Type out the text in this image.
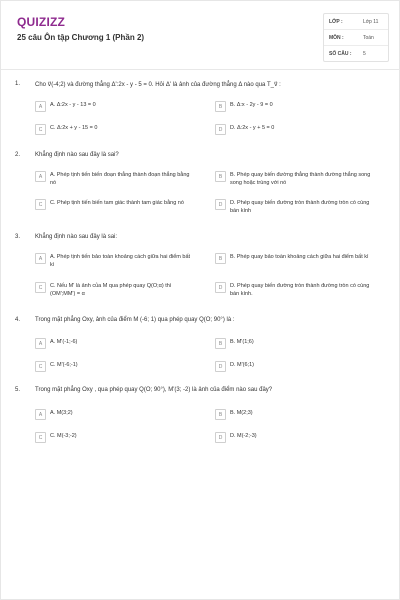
QUIZIZZ
25 câu Ôn tập Chương 1 (Phần 2)
LỚP :	Lớp 11
MÔN :	Toán
SỐ CÂU :	5
1. Cho v⃗(-4;2) và đường thẳng Δ':2x - y - 5 = 0. Hỏi Δ' là ảnh của đường thẳng Δ nào qua T_v⃗ :
A	A. Δ:2x - y - 13 = 0	B	B. Δ:x - 2y - 9 = 0
C	C. Δ:2x + y - 15 = 0	D	D. Δ:2x - y + 5 = 0
2. Khẳng định nào sau đây là sai?
A	A. Phép tịnh tiến biến đoạn thẳng thành đoạn thẳng bằng nó
B	B. Phép quay biến đường thẳng thành đường thẳng song song hoặc trùng với nó
C	C. Phép tịnh tiến biến tam giác thành tam giác bằng nó	D	D. Phép quay biến đường tròn thành đường tròn có cùng bán kính
3. Khẳng định nào sau đây là sai:
A	A. Phép tịnh tiến bảo toàn khoảng cách giữa hai điểm bất kì
B	B. Phép quay bảo toàn khoảng cách giữa hai điểm bất kì
C	C. Nếu M' là ảnh của M qua phép quay Q(O;α) thì (OM';MM') = α
D	D. Phép quay biến đường tròn thành đường tròn có cùng bán kính.
4. Trong mặt phẳng Oxy, ảnh của điểm M (-6; 1) qua phép quay Q(O; 90°) là :
A	A. M'(-1;-6)	B	B. M'(1;6)
C	C. M'(-6;-1)	D	D. M'(6;1)
5. Trong mặt phẳng Oxy , qua phép quay Q(O; 90°), M'(3; -2) là ảnh của điểm nào sau đây?
A	A. M(3;2)	B	B. M(2;3)
C	C. M(-3;-2)	D	D. M(-2;-3)
